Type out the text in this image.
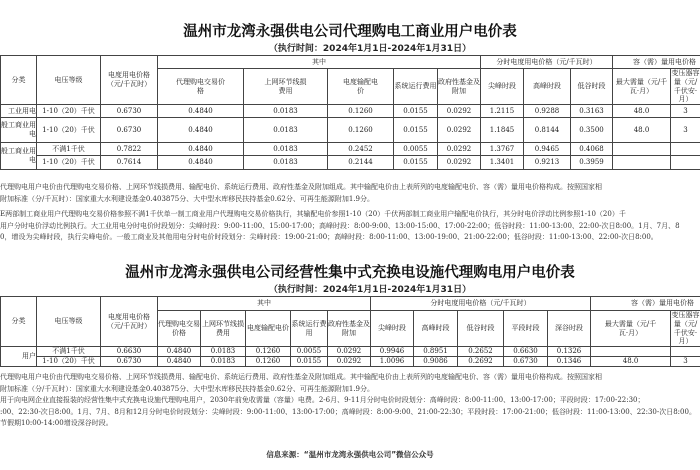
温州市龙湾永强供电公司代理购电工商业用户电价表
（执行时间：2024年1月1日-2024年1月31日）
分类	电压等级	电度用电价格（元/千瓦时）	其中					分时电度用电价格（元/千瓦时）			容（需）量用电价格	
			代理购电交易价格	上网环节线损费用	电度输配电价	系统运行费用	政府性基金及附加	尖峰时段	高峰时段	低谷时段	最大需量（元/千瓦·月）	变压器容量（元/千伏安·月）
工业用电	1-10（20）千伏	0.6730	0.4840	0.0183	0.1260	0.0155	0.0292	1.2115	0.9288	0.3163	48.0	3
般工商业用电	1-10（20）千伏	0.6730	0.4840	0.0183	0.1260	0.0155	0.0292	1.1845	0.8144	0.3500	48.0	3
般工商业用电	不满1千伏	0.7822	0.4840	0.0183	0.2452	0.0055	0.0292	1.3767	0.9465	0.4068		
	1-10（20）千伏	0.7614	0.4840	0.0183	0.2144	0.0155	0.0292	1.3401	0.9213	0.3959		
代理购电用户电价由代理购电交易价格、上网环节线损费用、输配电价、系统运行费用、政府性基金及附加组成。其中输配电价由上表所列的电度输配电价、容（需）量用电价格构成。按照国家相
附加标准（分/千瓦时）：国家重大水利建设基金0.403875分、大中型水库移民扶持基金0.62分、可再生能源附加1.9分。
E两部制工商业用户代理购电交易价格参照不满1千伏单一制工商业用户代理购电交易价格执行，其输配电价参照1-10（20）千伏两部制工商业用户输配电价执行，其分时电价浮动比例参照1-10（20）千
用户分时电价浮动比例执行。大工业用电分时电价时段划分：尖峰时段：9:00-11:00、15:00-17:00；高峰时段：8:00-9:00、13:00-15:00、17:00-22:00；低谷时段：11:00-13:00、22:00-次日8:00。1月、7月、8
0，增设为尖峰时段，执行尖峰电价。一般工商业及其他用电分时电价时段划分：尖峰时段：19:00-21:00；高峰时段：8:00-11:00、13:00-19:00、21:00-22:00；低谷时段：11:00-13:00、22:00-次日8:00。
温州市龙湾永强供电公司经营性集中式充换电设施代理购电用户电价表
（执行时间：2024年1月1日-2024年1月31日）
分类	电压等级	电度用电价格（元/千瓦时）	其中					分时电度用电价格（元/千瓦时）					容（需）量用电价格	
			代理购电交易价格	上网环节线损费用	电度输配电价	系统运行费用	政府性基金及附加	尖峰时段	高峰时段	低谷时段	平段时段	深谷时段	最大需量（元/千瓦·月）	变压器容量（元/千伏安·月）
用户	不满1千伏	0.6630	0.4840	0.0183	0.1260	0.0055	0.0292	0.9946	0.8951	0.2652	0.6630	0.1326		
	1-10（20）千伏	0.6730	0.4840	0.0183	0.1260	0.0155	0.0292	1.0096	0.9086	0.2692	0.6730	0.1346	48.0	3
代理购电用户电价由代理购电交易价格、上网环节线损费用、输配电价、系统运行费用、政府性基金及附加组成。其中输配电价由上表所列的电度输配电价、容（需）量用电价格构成。按照国家相
附加标准（分/千瓦时）：国家重大水利建设基金0.403875分、大中型水库移民扶持基金0.62分、可再生能源附加1.9分。
用于向电网企业直接报装的经营性集中式充换电设施代理购电用户，2030年前免收需量（容量）电费。2-6月、9-11月分时电价时段划分：高峰时段：8:00-11:00、13:00-17:00；平段时段：17:00-22:30；
:00、22:30-次日8:00。1月、7月、8月和12月分时电价时段划分：尖峰时段：9:00-11:00、13:00-17:00；高峰时段：8:00-9:00、21:00-22:30；平段时段：17:00-21:00；低谷时段：11:00-13:00、22:30-次日8:00。
节假期10:00-14:00增设深谷时段。
信息来源：“温州市龙湾永强供电公司”微信公众号
